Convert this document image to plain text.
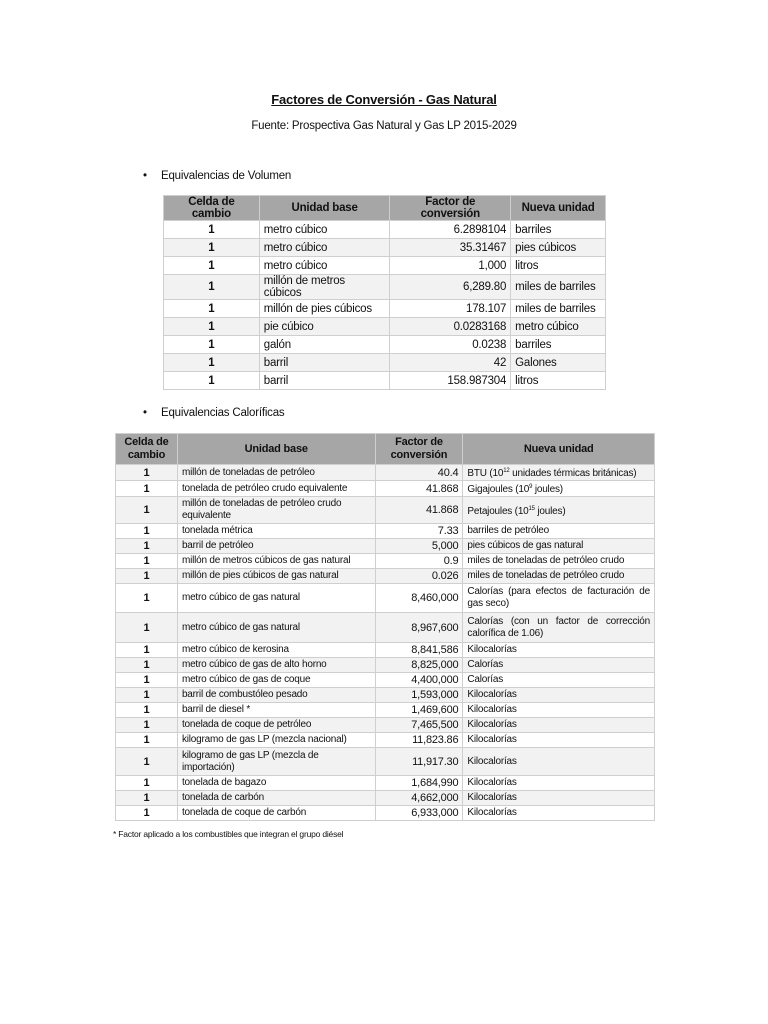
Factores de Conversión - Gas Natural
Fuente: Prospectiva Gas Natural y Gas LP 2015-2029
• Equivalencias de Volumen
Celda de cambio	Unidad base	Factor de conversión	Nueva unidad
1	metro cúbico	6.2898104	barriles
1	metro cúbico	35.31467	pies cúbicos
1	metro cúbico	1,000	litros
1	millón de metros cúbicos	6,289.80	miles de barriles
1	millón de pies cúbicos	178.107	miles de barriles
1	pie cúbico	0.0283168	metro cúbico
1	galón	0.0238	barriles
1	barril	42	Galones
1	barril	158.987304	litros
• Equivalencias Caloríficas
Celda de cambio	Unidad base	Factor de conversión	Nueva unidad
1	millón de toneladas de petróleo	40.4	BTU ($10^{12}$ unidades térmicas británicas)
1	tonelada de petróleo crudo equivalente	41.868	Gigajoules ($10^9$ joules)
1	millón de toneladas de petróleo crudo equivalente	41.868	Petajoules ($10^{15}$ joules)
1	tonelada métrica	7.33	barriles de petróleo
1	barril de petróleo	5,000	pies cúbicos de gas natural
1	millón de metros cúbicos de gas natural	0.9	miles de toneladas de petróleo crudo
1	millón de pies cúbicos de gas natural	0.026	miles de toneladas de petróleo crudo
1	metro cúbico de gas natural	8,460,000	Calorías (para efectos de facturación de gas seco)
1	metro cúbico de gas natural	8,967,600	Calorías (con un factor de corrección calorífica de 1.06)
1	metro cúbico de kerosina	8,841,586	Kilocalorías
1	metro cúbico de gas de alto horno	8,825,000	Calorías
1	metro cúbico de gas de coque	4,400,000	Calorías
1	barril de combustóleo pesado	1,593,000	Kilocalorías
1	barril de diesel *	1,469,600	Kilocalorías
1	tonelada de coque de petróleo	7,465,500	Kilocalorías
1	kilogramo de gas LP (mezcla nacional)	11,823.86	Kilocalorías
1	kilogramo de gas LP (mezcla de importación)	11,917.30	Kilocalorías
1	tonelada de bagazo	1,684,990	Kilocalorías
1	tonelada de carbón	4,662,000	Kilocalorías
1	tonelada de coque de carbón	6,933,000	Kilocalorías
* Factor aplicado a los combustibles que integran el grupo diésel
